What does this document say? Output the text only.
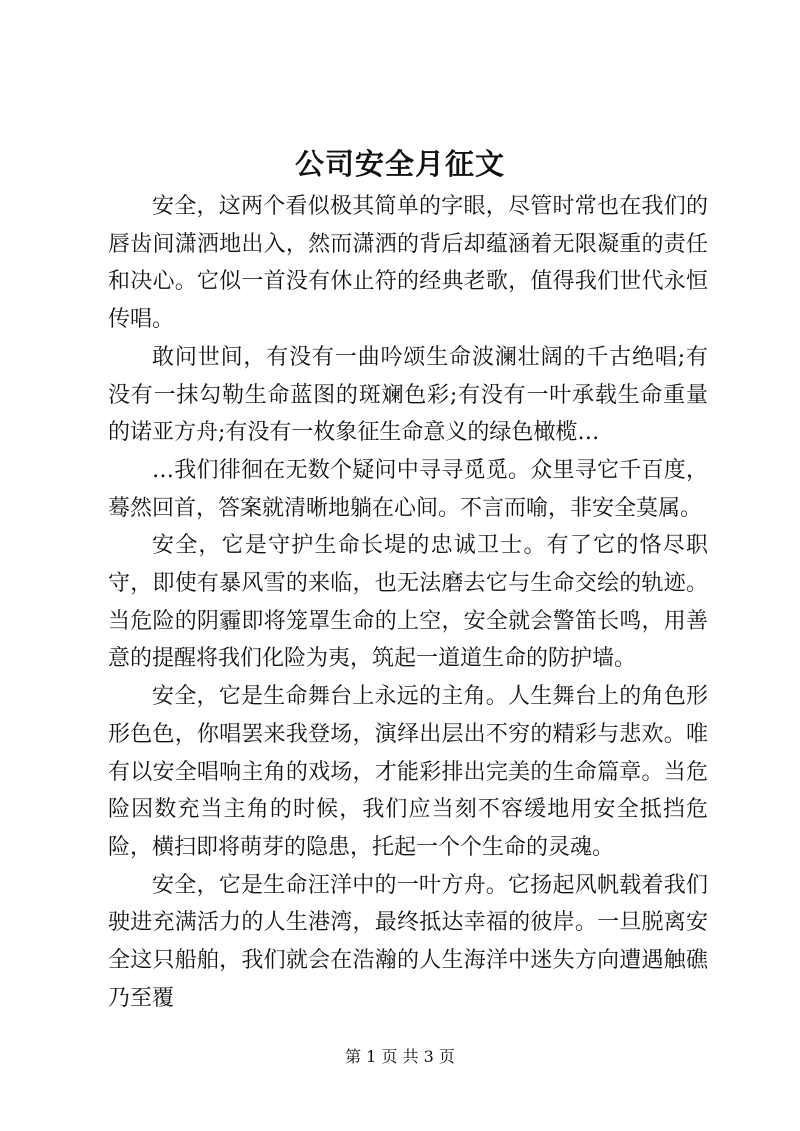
公司安全月征文

安全，这两个看似极其简单的字眼，尽管时常也在我们的唇齿间潇洒地出入，然而潇洒的背后却蕴涵着无限凝重的责任和决心。它似一首没有休止符的经典老歌，值得我们世代永恒传唱。

敢问世间，有没有一曲吟颂生命波澜壮阔的千古绝唱;有没有一抹勾勒生命蓝图的斑斓色彩;有没有一叶承载生命重量的诺亚方舟;有没有一枚象征生命意义的绿色橄榄…

…我们徘徊在无数个疑问中寻寻觅觅。众里寻它千百度，蓦然回首，答案就清晰地躺在心间。不言而喻，非安全莫属。

安全，它是守护生命长堤的忠诚卫士。有了它的恪尽职守，即使有暴风雪的来临，也无法磨去它与生命交绘的轨迹。当危险的阴霾即将笼罩生命的上空，安全就会警笛长鸣，用善意的提醒将我们化险为夷，筑起一道道生命的防护墙。

安全，它是生命舞台上永远的主角。人生舞台上的角色形形色色，你唱罢来我登场，演绎出层出不穷的精彩与悲欢。唯有以安全唱响主角的戏场，才能彩排出完美的生命篇章。当危险因数充当主角的时候，我们应当刻不容缓地用安全抵挡危险，横扫即将萌芽的隐患，托起一个个生命的灵魂。

安全，它是生命汪洋中的一叶方舟。它扬起风帆载着我们驶进充满活力的人生港湾，最终抵达幸福的彼岸。一旦脱离安全这只船舶，我们就会在浩瀚的人生海洋中迷失方向遭遇触礁乃至覆

第 1 页 共 3 页
